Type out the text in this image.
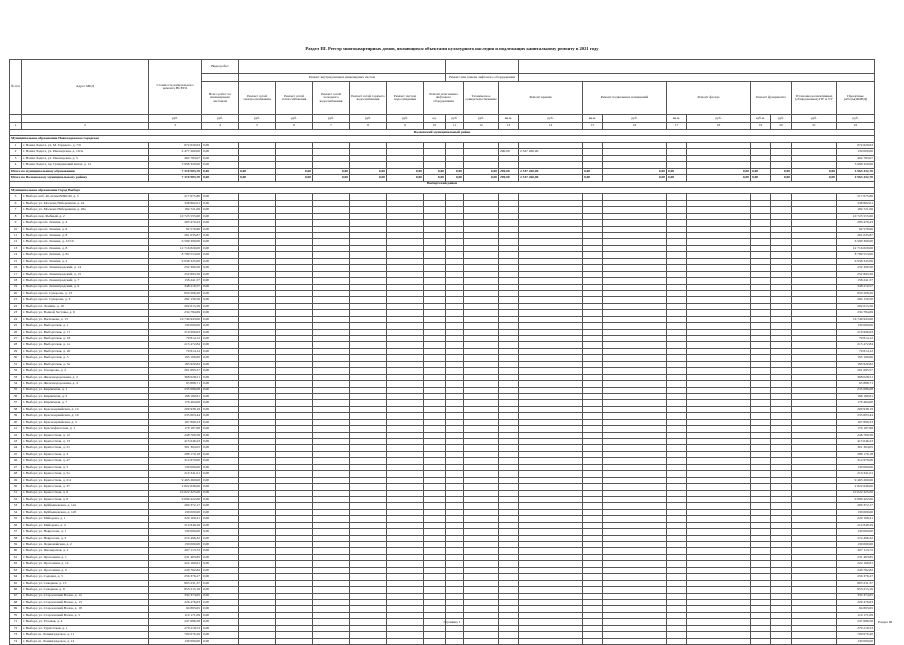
Раздел III. Реестр многоквартирных домов, являющихся объектами культурного наследия и подлежащих капитальному ремонту в 2021 году
№ п/п	Адрес МКД	Стоимость капитального ремонта ВСЕГО	Виды работ																		
				Ремонт внутридомовых инженерных систем						Ремонт или замена лифтового оборудования											
			Всего работ по инженерным системам	Ремонт сетей электроснабжения	Ремонт сетей теплоснабжения	Ремонт сетей холодного водоснабжения	Ремонт сетей горячего водоснабжения	Ремонт систем водоотведения	Ремонт или замена лифтового оборудования		Техническое освидетельствование	Ремонт крыши		Ремонт подвальных помещений		Ремонт фасада		Ремонт фундамента		Установка коллективных (общедомовых) ПУ и УУ	Проектные работы(ФОНД)
		руб.	руб.	руб.	руб.	руб.	руб.	руб.	ед.	руб.	руб.	кв.м.	руб.	кв.м.	руб.	кв.м.	руб.	куб.м.	руб.	руб.	руб.
1	2	3	4	5	6	7	8	9	10	11	12	13	14	15	16	17	18	19	20	21	22
Волховский муниципальный район																					
Муниципальное образование Новоладожское городское																					
1	г. Новая Ладога, ул. М. Горького, д. 7/9	672 620,63	0,00																		672 620,63
2	г. Новая Ладога, ул. Пионерская, д. 10/А	2 477 260,00	0,00									290,00	2 347 260,00								130 000,00
3	г. Новая Ладога, ул. Пионерская, д. 5	462 783,07	0,00																		462 783,07
4	г. Новая Ладога, пр. Гражданский канал, д. 12	3 698 320,00	0,00																		3 698 320,00
Итого по муниципальному образованию		7 310 983,70	0,00	0,00	0,00	0,00	0,00	0,00	0,00	0,00	0,00	290,00	2 347 260,00	0,00	0,00	0,00	0,00	0,00	0,00	0,00	4 963 432,70
Итого по Волховскому муниципальному району		7 310 983,70	0,00	0,00	0,00	0,00	0,00	0,00	0,00	0,00	0,00	290,00	2 347 260,00	0,00	0,00	0,00	0,00	0,00	0,00	0,00	4 963 432,70
Выборгский район																					
Муниципальное образование Город Выборг																					
5	г. Выборг, наб. 40-летия ВЛКСМ, д. 5	217 675,80	0,00																		217 675,80
6	г. Выборг, ул. Москова Набережная, д. 24	348 862,01	0,00																		348 862,01
7	г. Выборг, ул. Москова Набережная, д. 26а	184 721,06	0,00																		184 721,06
8	г. Выборг, пер. Рыбный, д. 2	10 725 555,00	0,00																		10 725 555,00
9	г. Выборг, просп. Ленина, д. 4	283 479,43	0,00																		283 479,43
10	г. Выборг, просп. Ленина, д. 6	92 576,90	0,00																		92 576,90
11	г. Выборг, просп. Ленина, д. 8	261 035,87	0,00																		261 035,87
12	г. Выборг, просп. Ленина, д. 12/10	6 599 399,00	0,00																		6 599 399,00
13	г. Выборг, просп. Ленина, д. 8	12 716 820,00	0,00																		12 716 820,00
14	г. Выборг, просп. Ленина, д. 8а	8 789 553,00	0,00																		8 789 553,00
15	г. Выборг, просп. Ленина, д. 2	9 936 345,00	0,00																		9 936 345,00
16	г. Выборг, просп. Ленинградский, д. 14	232 390,56	0,00																		232 390,56
17	г. Выборг, просп. Ленинградский, д. 15	252 893,56	0,00																		252 893,56
18	г. Выборг, просп. Ленинградский, д. 7	158 241,57	0,00																		158 241,57
19	г. Выборг, просп. Ленинградский, д. 9	348 210,57	0,00																		348 210,57
20	г. Выборг, просп. Суворова, д. 13	850 208,20	0,00																		850 208,20
21	г. Выборг, просп. Суворова, д. 3	282 150,56	0,00																		282 150,56
22	г. Выборг, пл. Ленина, д. 10	202 615,56	0,00																		202 615,56
23	г. Выборг, ул. Водной Заставы, д. 6	234 784,69	0,00																		234 784,69
24	г. Выборг, ул. Васильева, д. 13	16 749 943,00	0,00																		16 749 943,00
25	г. Выборг, ул. Выборгская, д. 1	130 000,00	0,00																		130 000,00
26	г. Выборг, ул. Выборгская, д. 17	219 996,63	0,00																		219 996,63
27	г. Выборг, ул. Выборгская, д. 18	79 814,12	0,00																		79 814,12
28	г. Выборг, ул. Выборгская, д. 1а	215 472,84	0,00																		215 472,84
29	г. Выборг, ул. Выборгская, д. 20	79 814,12	0,00																		79 814,12
30	г. Выборг, ул. Выборгская, д. 5	195 106,60	0,00																		195 106,60
31	г. Выборг, ул. Выборгская, д. 5а	183 920,82	0,00																		183 920,82
32	г. Выборг, ул. Гончарова, д. 2	201 695,57	0,00																		201 695,57
33	г. Выборг, ул. Железнодорожная, д. 2	368 028,51	0,00																		368 028,51
34	г. Выборг, ул. Железнодорожная, д. 4	65 888,71	0,00																		65 888,71
35	г. Выборг, ул. Кирпичная, д. 1	235 086,08	0,00																		235 086,08
36	г. Выборг, ул. Кирпичная, д. 3	198 180,81	0,00																		198 180,81
37	г. Выборг, ул. Кирпичная, д. 7	176 464,00	0,00																		176 464,00
38	г. Выборг, ул. Красноармейская, д. 14	209 938,19	0,00																		209 938,19
39	г. Выборг, ул. Красноармейская, д. 16	235 003,44	0,00																		235 003,44
40	г. Выборг, ул. Красноармейская, д. 5	167 890,23	0,00																		167 890,23
41	г. Выборг, ул. Краснофлотская, д. 1	179 187,68	0,00																		179 187,68
42	г. Выборг, ул. Крепостная, д. 12	248 709,58	0,00																		248 709,58
43	г. Выборг, ул. Крепостная, д. 13	415 046,23	0,00																		415 046,23
44	г. Выборг, ул. Крепостная, д. 21	301 304,05	0,00																		301 304,05
45	г. Выборг, ул. Крепостная, д. 3	288 170,18	0,00																		288 170,18
46	г. Выборг, ул. Крепостная, д. 47	314 970,00	0,00																		314 970,00
47	г. Выборг, ул. Крепостная, д. 5	130 000,00	0,00																		130 000,00
48	г. Выборг, ул. Крепостная, д. 5а	210 341,01	0,00																		210 341,01
49	г. Выборг, ул. Крепостная, д. 2/4	9 465 260,00	0,00																		9 465 260,00
50	г. Выборг, ул. Крепостная, д. 37	2 822 646,00	0,00																		2 822 646,00
51	г. Выборг, ул. Крепостная, д. 6	10 022 325,00	0,00																		10 022 325,00
52	г. Выборг, ул. Крепостная, д. 8	9 099 422,00	0,00																		9 099 422,00
53	г. Выборг, ул. Куйбышевская, д. 12а	260 372,17	0,00																		260 372,17
54	г. Выборг, ул. Куйбышевская, д. 12б	130 000,00	0,00																		130 000,00
55	г. Выборг, ул. Майорова, д. 1	220 109,41	0,00																		220 109,41
56	г. Выборг, ул. Майорова, д. 4	214 849,29	0,00																		214 849,29
57	г. Выборг, ул. Некрасова, д. 1	130 000,00	0,00																		130 000,00
58	г. Выборг, ул. Некрасова, д. 3	274 496,32	0,00																		274 496,32
59	г. Выборг, ул. Первомайская, д. 2	130 000,00	0,00																		130 000,00
60	г. Выборг, ул. Пионерская, д. 2	207 113,72	0,00																		207 113,72
61	г. Выборг, ул. Прогонная, д. 1	231 463,85	0,00																		231 463,85
62	г. Выборг, ул. Прогонная, д. 14	224 169,61	0,00																		224 169,61
63	г. Выборг, ул. Прогонная, д. 6	240 792,82	0,00																		240 792,82
64	г. Выборг, ул. Садовая, д. 5	256 376,27	0,00																		256 376,27
65	г. Выборг, ул. Северная, д. 15	803 231,37	0,00																		803 231,37
66	г. Выборг, ул. Северная, д. 8	853 215,16	0,00																		853 215,16
67	г. Выборг, ул. Староовский Валок, д. 12	334 374,65	0,00																		334 374,65
68	г. Выборг, ул. Староовский Валок, д. 13	226 476,63	0,00																		226 476,63
69	г. Выборг, ул. Староовский Валок, д. 18	94 893,65	0,00																		94 893,65
70	г. Выборг, ул. Староовский Валок, д. 5	110 171,09	0,00																		110 171,09
71	г. Выборг, ул. Угловая, д. 4	247 686,58	0,00																		247 686,58
72	г. Выборг, ул. Туристская, д. 1	270 218,53	0,00																		270 218,53
73	г. Выборг, ш. Ленинградское, д. 11	709 670,26	0,00																		709 670,26
74	г. Выборг, ш. Ленинградское, д. 12	130 000,00	0,00																		130 000,00
Страница 1	Раздел III
